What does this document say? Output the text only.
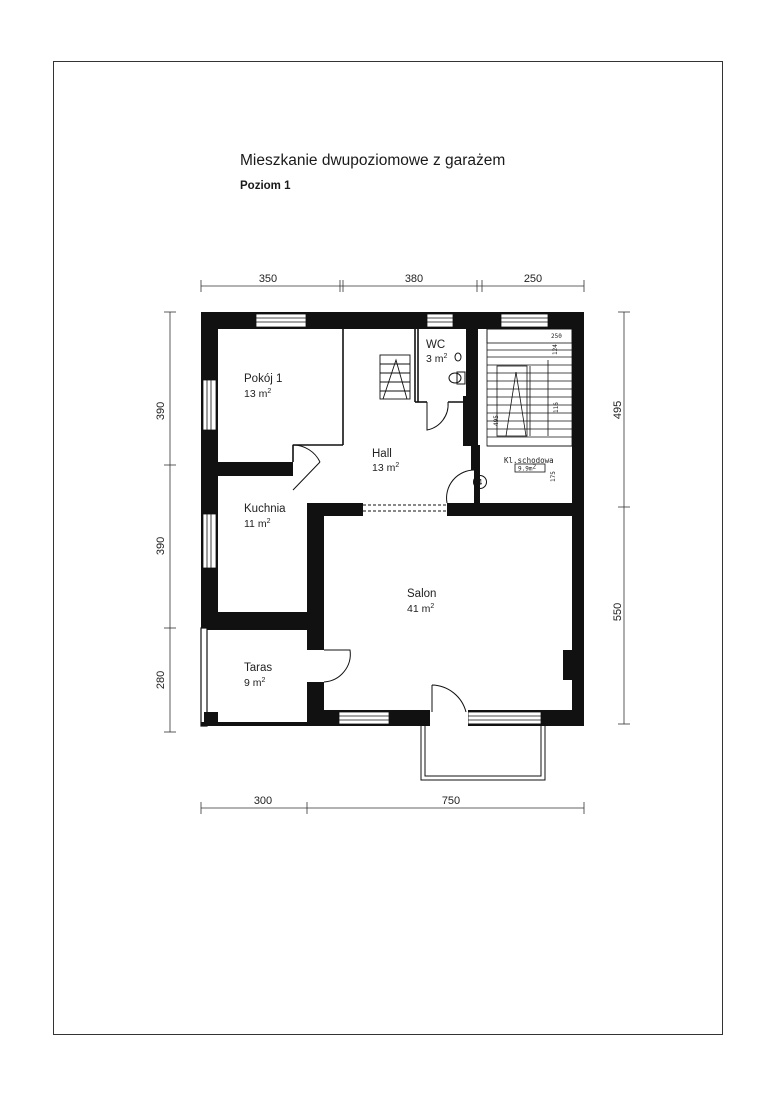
Mieszkanie dwupoziomowe z garażem
Poziom 1
350	380	250
300	750
390
390
280
495
550
250
124
495
116
175
Kl.schodowa
9.9m2
4
Pokój 1
13 $m^2$
WC
3 $m^2$
Hall
13 $m^2$
Kuchnia
11 $m^2$
Salon
41 $m^2$
Taras
9 $m^2$
